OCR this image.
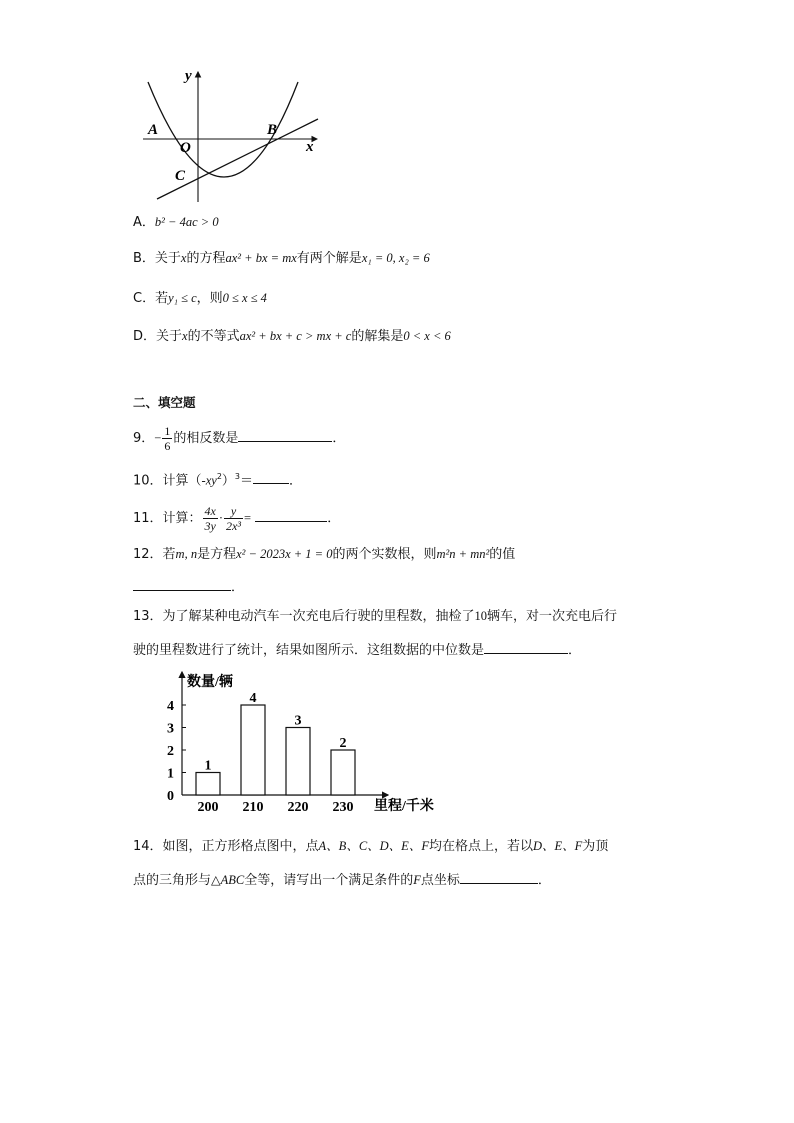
y
x
A
O
B
C
A．b² − 4ac > 0
B．关于x的方程ax² + bx = mx有两个解是x₁ = 0, x₂ = 6
C．若y₁ ≤ c，则0 ≤ x ≤ 4
D．关于x的不等式ax² + bx + c > mx + c的解集是0 < x < 6
二、填空题
9．− $\frac{1}{6}$ 的相反数是	．
10．计算$(-xy^2)^3=$	．
11．计算： $\frac{4x}{3y} \cdot \frac{y}{\text{2x³}}$ =	．
12．若m, n是方程x² − 2023x + 1 = 0的两个实数根，则m²n + mn²的值
．
13．为了解某种电动汽车一次充电后行驶的里程数，抽检了10辆车，对一次充电后行
驶的里程数进行了统计，结果如图所示．这组数据的中位数是	．
数量/辆
里程/千米
0
1
2
3
4
1
200
4
210
3
220
2
230
14．如图，正方形格点图中，点A、B、C、D、E、F均在格点上，若以D、E、F为顶
点的三角形与△ABC全等，请写出一个满足条件的F点坐标	．
